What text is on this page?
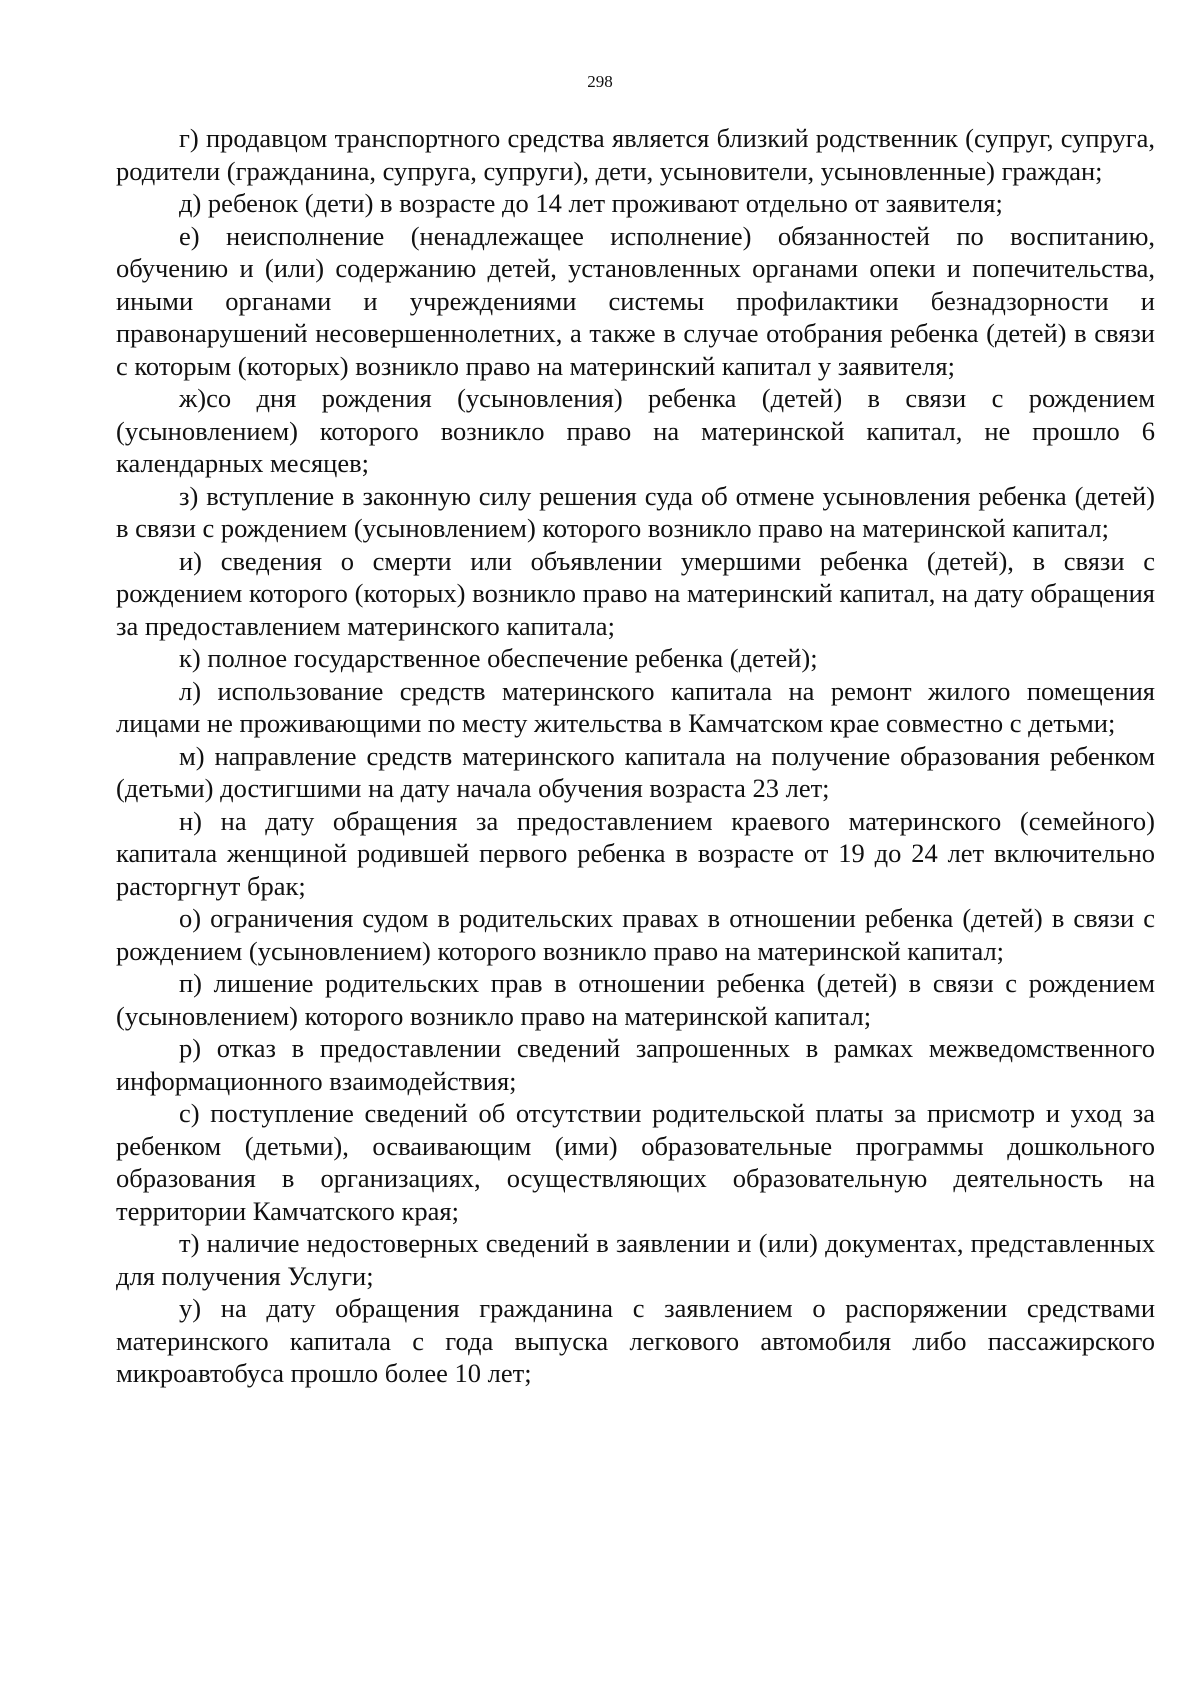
298

г) продавцом транспортного средства является близкий родственник (супруг, супруга, родители (гражданина, супруга, супруги), дети, усыновители, усыновленные) граждан;

д) ребенок (дети) в возрасте до 14 лет проживают отдельно от заявителя;

е) неисполнение (ненадлежащее исполнение) обязанностей по воспитанию, обучению и (или) содержанию детей, установленных органами опеки и попечительства, иными органами и учреждениями системы профилактики безнадзорности и правонарушений несовершеннолетних, а также в случае отобрания ребенка (детей) в связи с которым (которых) возникло право на материнский капитал у заявителя;

ж)со дня рождения (усыновления) ребенка (детей) в связи с рождением (усыновлением) которого возникло право на материнской капитал, не прошло 6 календарных месяцев;

з) вступление в законную силу решения суда об отмене усыновления ребенка (детей) в связи с рождением (усыновлением) которого возникло право на материнской капитал;

и) сведения о смерти или объявлении умершими ребенка (детей), в связи с рождением которого (которых) возникло право на материнский капитал, на дату обращения за предоставлением материнского капитала;

к) полное государственное обеспечение ребенка (детей);

л) использование средств материнского капитала на ремонт жилого помещения лицами не проживающими по месту жительства в Камчатском крае совместно с детьми;

м) направление средств материнского капитала на получение образования ребенком (детьми) достигшими на дату начала обучения возраста 23 лет;

н) на дату обращения за предоставлением краевого материнского (семейного) капитала женщиной родившей первого ребенка в возрасте от 19 до 24 лет включительно расторгнут брак;

о) ограничения судом в родительских правах в отношении ребенка (детей) в связи с рождением (усыновлением) которого возникло право на материнской капитал;

п) лишение родительских прав в отношении ребенка (детей) в связи с рождением (усыновлением) которого возникло право на материнской капитал;

р) отказ в предоставлении сведений запрошенных в рамках межведомственного информационного взаимодействия;

с) поступление сведений об отсутствии родительской платы за присмотр и уход за ребенком (детьми), осваивающим (ими) образовательные программы дошкольного образования в организациях, осуществляющих образовательную деятельность на территории Камчатского края;

т) наличие недостоверных сведений в заявлении и (или) документах, представленных для получения Услуги;

у) на дату обращения гражданина с заявлением о распоряжении средствами материнского капитала с года выпуска легкового автомобиля либо пассажирского микроавтобуса прошло более 10 лет;
